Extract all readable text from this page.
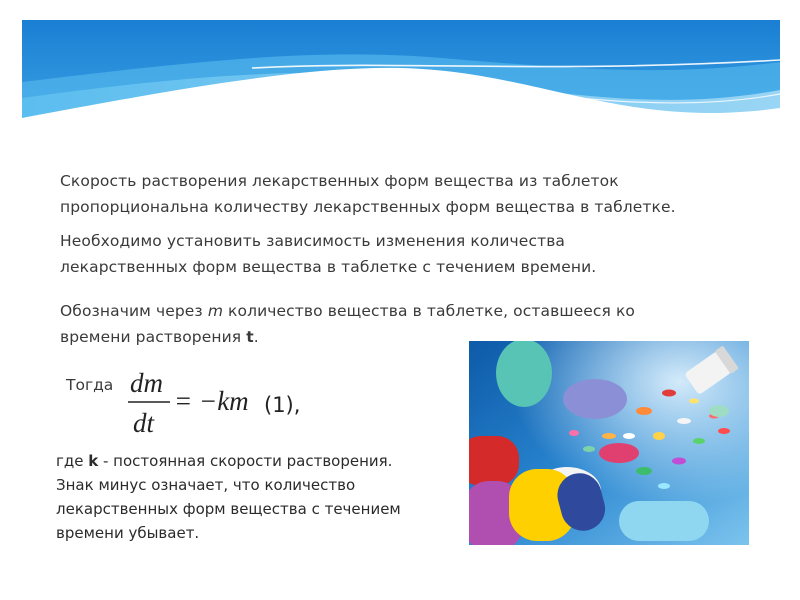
Скорость растворения лекарственных форм вещества из таблеток
пропорциональна количеству лекарственных форм вещества в таблетке.

Необходимо установить зависимость изменения количества
лекарственных форм вещества в таблетке с течением времени.

Обозначим через m количество вещества в таблетке, оставшееся ко
времени растворения t.

Тогда dm
dt
= −km (1),

где k - постоянная скорости растворения.
Знак минус означает, что количество
лекарственных форм вещества с течением
времени убывает.
